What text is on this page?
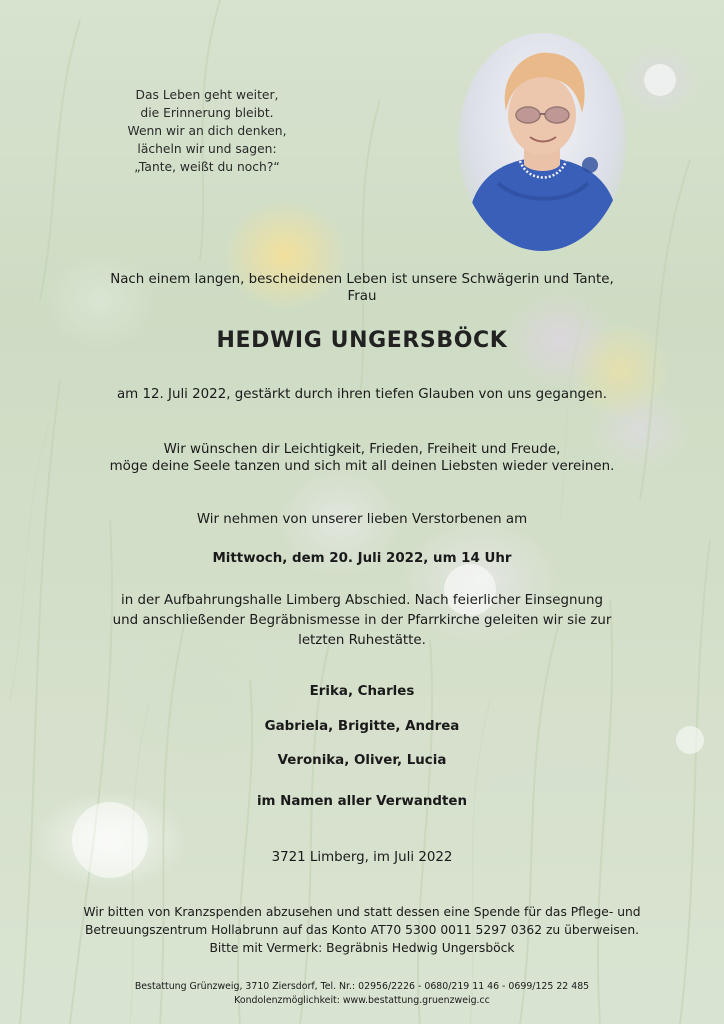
Das Leben geht weiter,
die Erinnerung bleibt.
Wenn wir an dich denken,
lächeln wir und sagen:
„Tante, weißt du noch?“
Nach einem langen, bescheidenen Leben ist unsere Schwägerin und Tante,
Frau
HEDWIG UNGERSBÖCK
am 12. Juli 2022, gestärkt durch ihren tiefen Glauben von uns gegangen.
Wir wünschen dir Leichtigkeit, Frieden, Freiheit und Freude,
möge deine Seele tanzen und sich mit all deinen Liebsten wieder vereinen.
Wir nehmen von unserer lieben Verstorbenen am
Mittwoch, dem 20. Juli 2022, um 14 Uhr
in der Aufbahrungshalle Limberg Abschied. Nach feierlicher Einsegnung
und anschließender Begräbnismesse in der Pfarrkirche geleiten wir sie zur
letzten Ruhestätte.
Erika, Charles
Gabriela, Brigitte, Andrea
Veronika, Oliver, Lucia
im Namen aller Verwandten
3721 Limberg, im Juli 2022
Wir bitten von Kranzspenden abzusehen und statt dessen eine Spende für das Pflege- und
Betreuungszentrum Hollabrunn auf das Konto AT70 5300 0011 5297 0362 zu überweisen.
Bitte mit Vermerk: Begräbnis Hedwig Ungersböck
Bestattung Grünzweig, 3710 Ziersdorf, Tel. Nr.: 02956/2226 - 0680/219 11 46 - 0699/125 22 485
Kondolenzmöglichkeit: www.bestattung.gruenzweig.cc
